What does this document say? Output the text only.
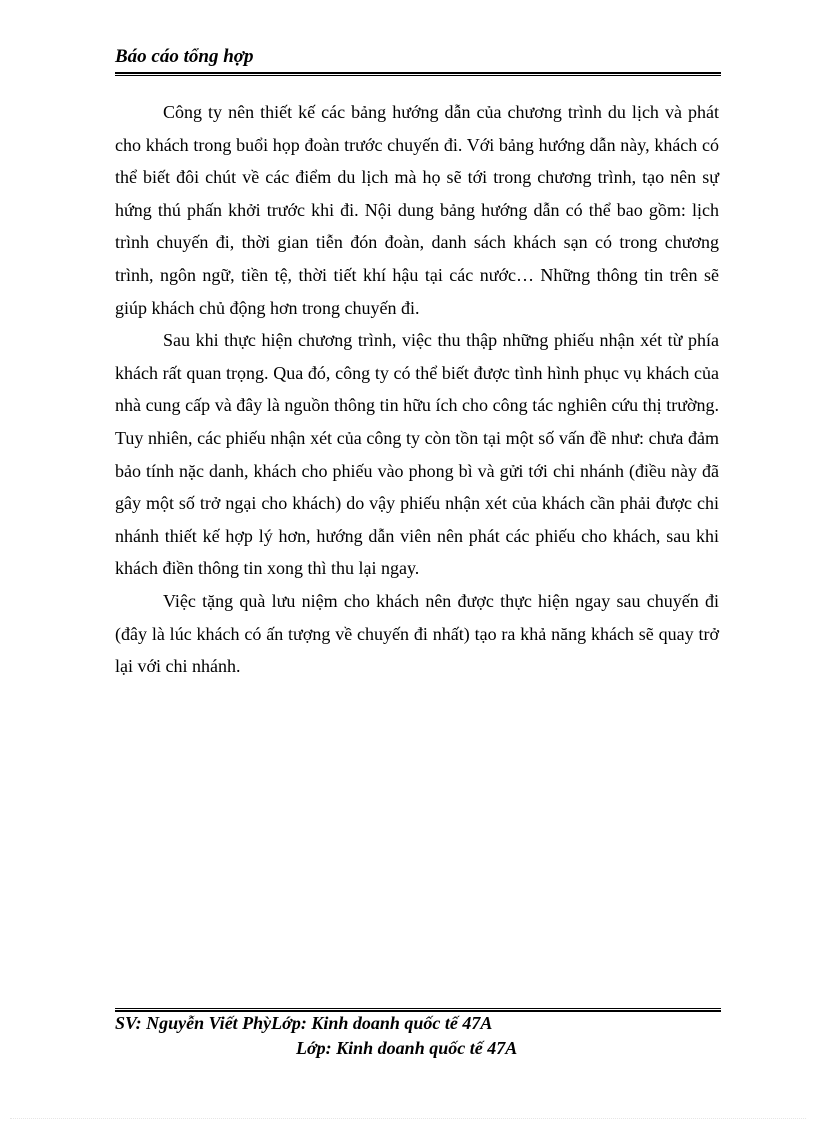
Báo cáo tổng hợp

Công ty nên thiết kế các bảng hướng dẫn của chương trình du lịch và phát cho khách trong buổi họp đoàn trước chuyến đi. Với bảng hướng dẫn này, khách có thể biết đôi chút về các điểm du lịch mà họ sẽ tới trong chương trình, tạo nên sự hứng thú phấn khởi trước khi đi. Nội dung bảng hướng dẫn có thể bao gồm: lịch trình chuyến đi, thời gian tiễn đón đoàn, danh sách khách sạn có trong chương trình, ngôn ngữ, tiền tệ, thời tiết khí hậu tại các nước… Những thông tin trên sẽ giúp khách chủ động hơn trong chuyến đi.

Sau khi thực hiện chương trình, việc thu thập những phiếu nhận xét từ phía khách rất quan trọng. Qua đó, công ty có thể biết được tình hình phục vụ khách của nhà cung cấp và đây là nguồn thông tin hữu ích cho công tác nghiên cứu thị trường. Tuy nhiên, các phiếu nhận xét của công ty còn tồn tại một số vấn đề như: chưa đảm bảo tính nặc danh, khách cho phiếu vào phong bì và gửi tới chi nhánh (điều này đã gây một số trở ngại cho khách) do vậy phiếu nhận xét của khách cần phải được chi nhánh thiết kế hợp lý hơn, hướng dẫn viên nên phát các phiếu cho khách, sau khi khách điền thông tin xong thì thu lại ngay.

Việc tặng quà lưu niệm cho khách nên được thực hiện ngay sau chuyến đi (đây là lúc khách có ấn tượng về chuyến đi nhất) tạo ra khả năng khách sẽ quay trở lại với chi nhánh.

SV: Nguyễn Viết PhỳLớp: Kinh doanh quốc tế 47A
Lớp: Kinh doanh quốc tế 47A
